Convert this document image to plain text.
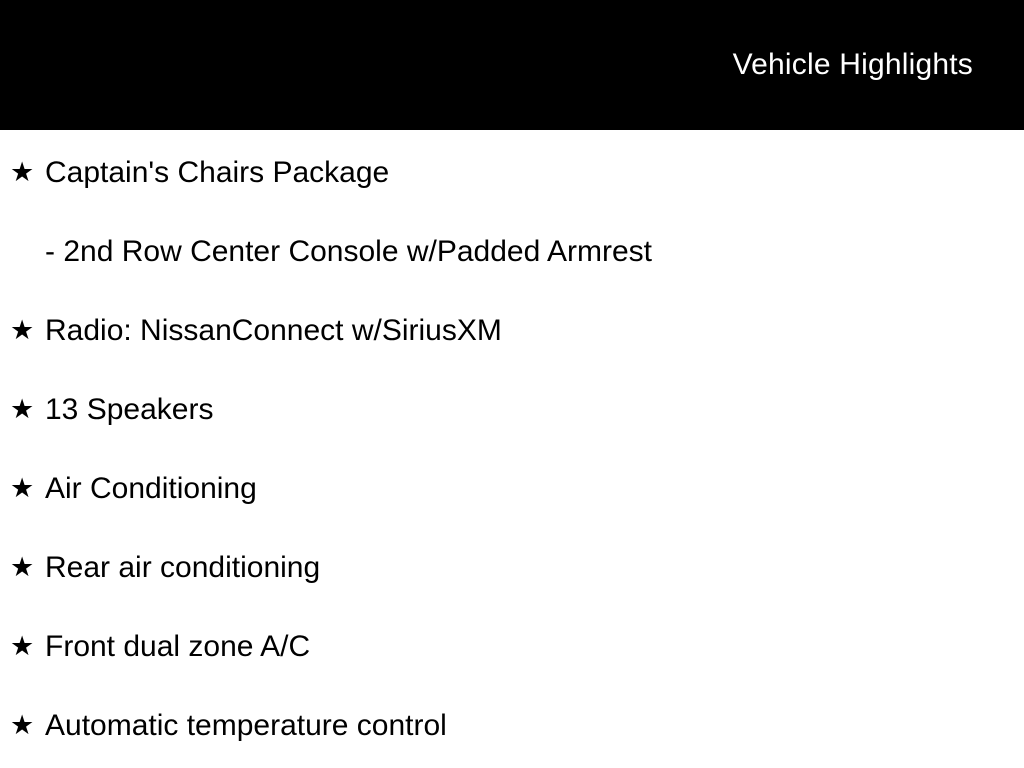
Vehicle Highlights
★ Captain's Chairs Package
- 2nd Row Center Console w/Padded Armrest
★ Radio: NissanConnect w/SiriusXM
★ 13 Speakers
★ Air Conditioning
★ Rear air conditioning
★ Front dual zone A/C
★ Automatic temperature control
